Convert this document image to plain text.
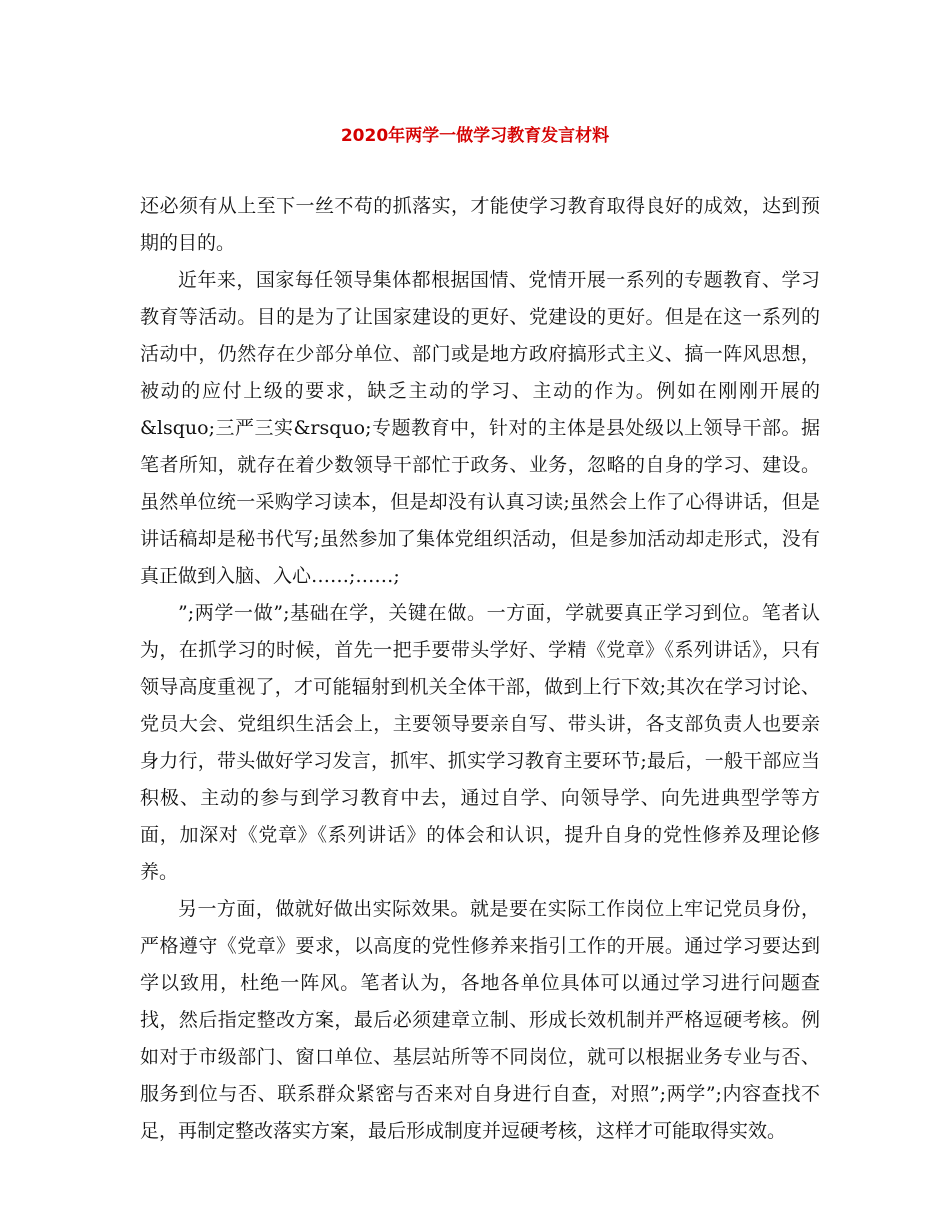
2020年两学一做学习教育发言材料

还必须有从上至下一丝不苟的抓落实，才能使学习教育取得良好的成效，达到预期的目的。

近年来，国家每任领导集体都根据国情、党情开展一系列的专题教育、学习教育等活动。目的是为了让国家建设的更好、党建设的更好。但是在这一系列的活动中，仍然存在少部分单位、部门或是地方政府搞形式主义、搞一阵风思想，被动的应付上级的要求，缺乏主动的学习、主动的作为。例如在刚刚开展的&lsquo;三严三实&rsquo;专题教育中，针对的主体是县处级以上领导干部。据笔者所知，就存在着少数领导干部忙于政务、业务，忽略的自身的学习、建设。虽然单位统一采购学习读本，但是却没有认真习读;虽然会上作了心得讲话，但是讲话稿却是秘书代写;虽然参加了集体党组织活动，但是参加活动却走形式，没有真正做到入脑、入心……;……;

”;两学一做”;基础在学，关键在做。一方面，学就要真正学习到位。笔者认为，在抓学习的时候，首先一把手要带头学好、学精《党章》《系列讲话》，只有领导高度重视了，才可能辐射到机关全体干部，做到上行下效;其次在学习讨论、党员大会、党组织生活会上，主要领导要亲自写、带头讲，各支部负责人也要亲身力行，带头做好学习发言，抓牢、抓实学习教育主要环节;最后，一般干部应当积极、主动的参与到学习教育中去，通过自学、向领导学、向先进典型学等方面，加深对《党章》《系列讲话》的体会和认识，提升自身的党性修养及理论修养。

另一方面，做就好做出实际效果。就是要在实际工作岗位上牢记党员身份，严格遵守《党章》要求，以高度的党性修养来指引工作的开展。通过学习要达到学以致用，杜绝一阵风。笔者认为，各地各单位具体可以通过学习进行问题查找，然后指定整改方案，最后必须建章立制、形成长效机制并严格逗硬考核。例如对于市级部门、窗口单位、基层站所等不同岗位，就可以根据业务专业与否、服务到位与否、联系群众紧密与否来对自身进行自查，对照”;两学”;内容查找不足，再制定整改落实方案，最后形成制度并逗硬考核，这样才可能取得实效。
